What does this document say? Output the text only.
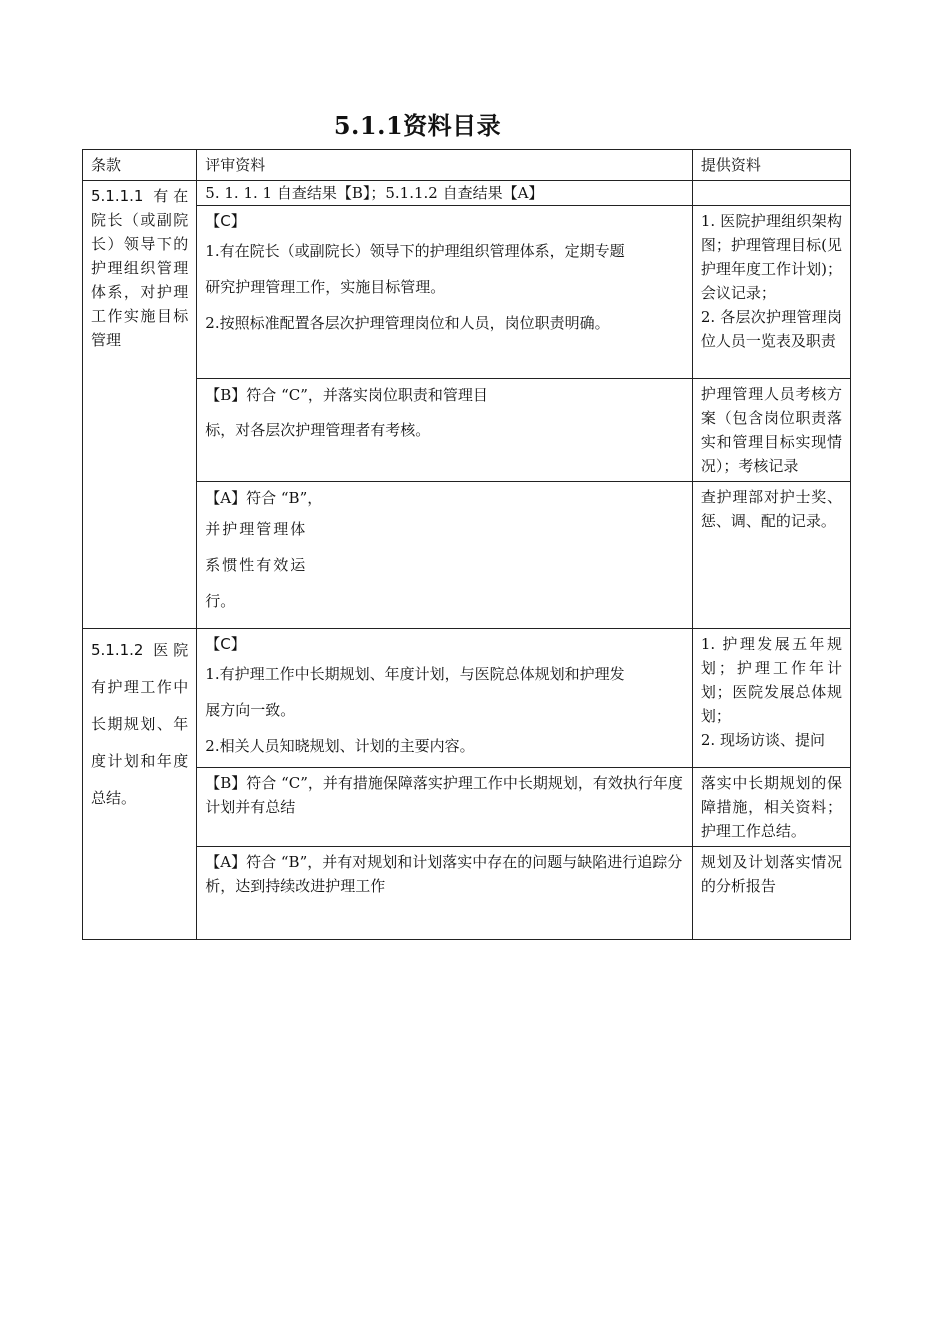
5.1.1资料目录
条款	评审资料	提供资料
5.1.1.1 有在院长（或副院长）领导下的护理组织管理体系，对护理工作实施目标管理	5. 1. 1. 1 自查结果【B】；5.1.1.2 自查结果【A】	

	【C】
1.有在院长（或副院长）领导下的护理组织管理体系，定期专题
研究护理管理工作，实施目标管理。
2.按照标准配置各层次护理管理岗位和人员，岗位职责明确。	1. 医院护理组织架构图；护理管理目标(见护理年度工作计划)；会议记录；
2. 各层次护理管理岗位人员一览表及职责

	【B】符合 “C”，并落实岗位职责和管理目
标，对各层次护理管理者有考核。	护理管理人员考核方案（包含岗位职责落实和管理目标实现情况）；考核记录

	【A】符合 “B”，
并护理管理体
系惯性有效运
行。	查护理部对护士奖、惩、调、配的记录。
5.1.1.2 医院有护理工作中长期规划、年度计划和年度总结。	【C】
1.有护理工作中长期规划、年度计划，与医院总体规划和护理发
展方向一致。
2.相关人员知晓规划、计划的主要内容。	1. 护理发展五年规划；护理工作年计划；医院发展总体规划；
2. 现场访谈、提问

	【B】符合 “C”，并有措施保障落实护理工作中长期规划，有效执行年度计划并有总结	落实中长期规划的保障措施，相关资料；护理工作总结。

	【A】符合 “B”，并有对规划和计划落实中存在的问题与缺陷进行追踪分析，达到持续改进护理工作	规划及计划落实情况的分析报告
